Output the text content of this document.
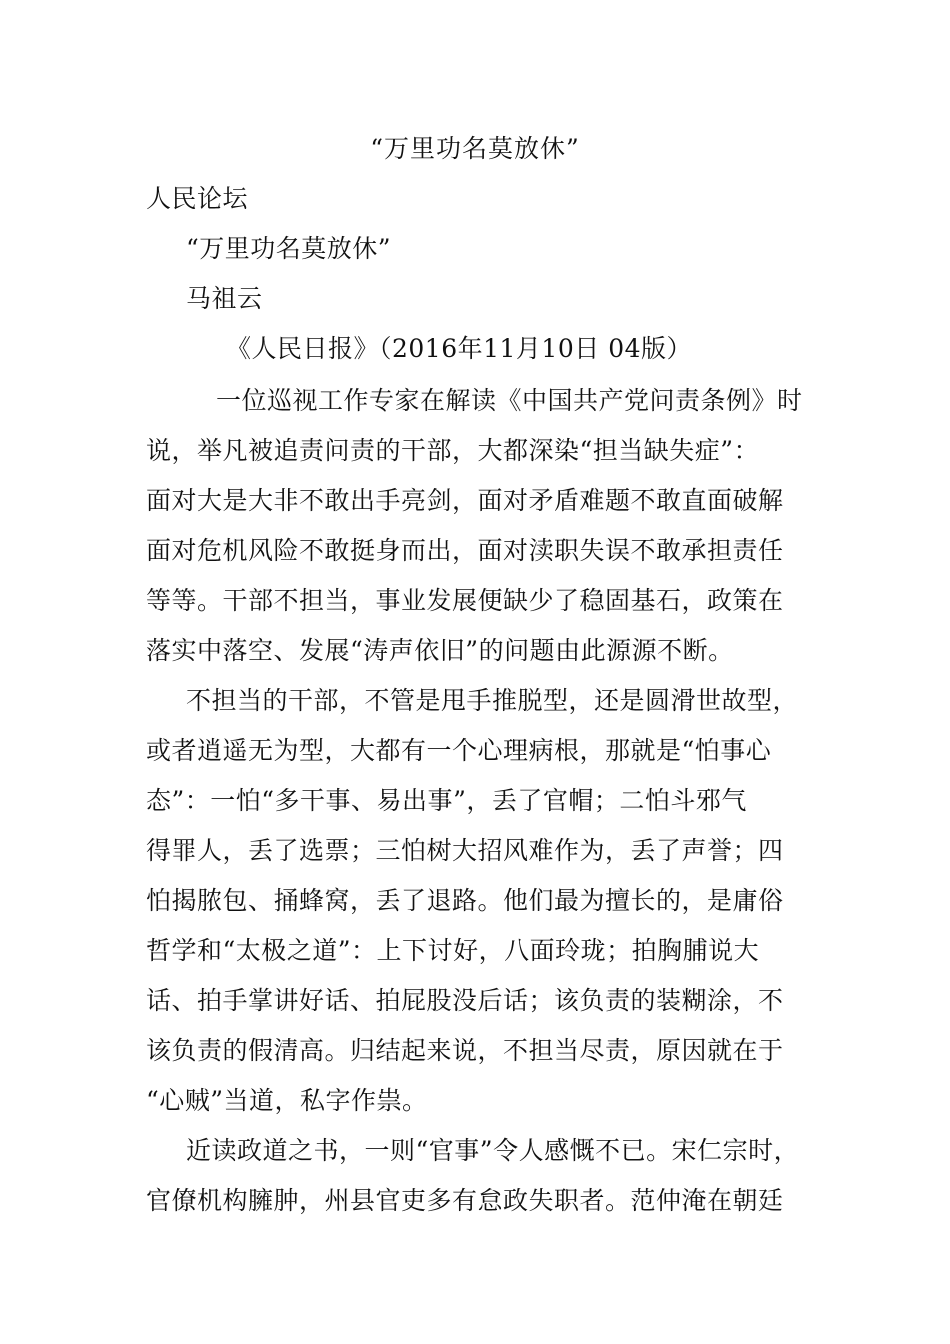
“万里功名莫放休”
人民论坛
“万里功名莫放休”
马祖云
《人民日报》（2016年11月10日 04版）
一位巡视工作专家在解读《中国共产党问责条例》时
说，举凡被追责问责的干部，大都深染“担当缺失症”：
面对大是大非不敢出手亮剑，面对矛盾难题不敢直面破解
面对危机风险不敢挺身而出，面对渎职失误不敢承担责任
等等。干部不担当，事业发展便缺少了稳固基石，政策在
落实中落空、发展“涛声依旧”的问题由此源源不断。
不担当的干部，不管是甩手推脱型，还是圆滑世故型，
或者逍遥无为型，大都有一个心理病根，那就是“怕事心
态”：一怕“多干事、易出事”，丢了官帽；二怕斗邪气
得罪人，丢了选票；三怕树大招风难作为，丢了声誉；四
怕揭脓包、捅蜂窝，丢了退路。他们最为擅长的，是庸俗
哲学和“太极之道”：上下讨好，八面玲珑；拍胸脯说大
话、拍手掌讲好话、拍屁股没后话；该负责的装糊涂，不
该负责的假清高。归结起来说，不担当尽责，原因就在于
“心贼”当道，私字作祟。
近读政道之书，一则“官事”令人感慨不已。宋仁宗时，
官僚机构臃肿，州县官吏多有怠政失职者。范仲淹在朝廷
